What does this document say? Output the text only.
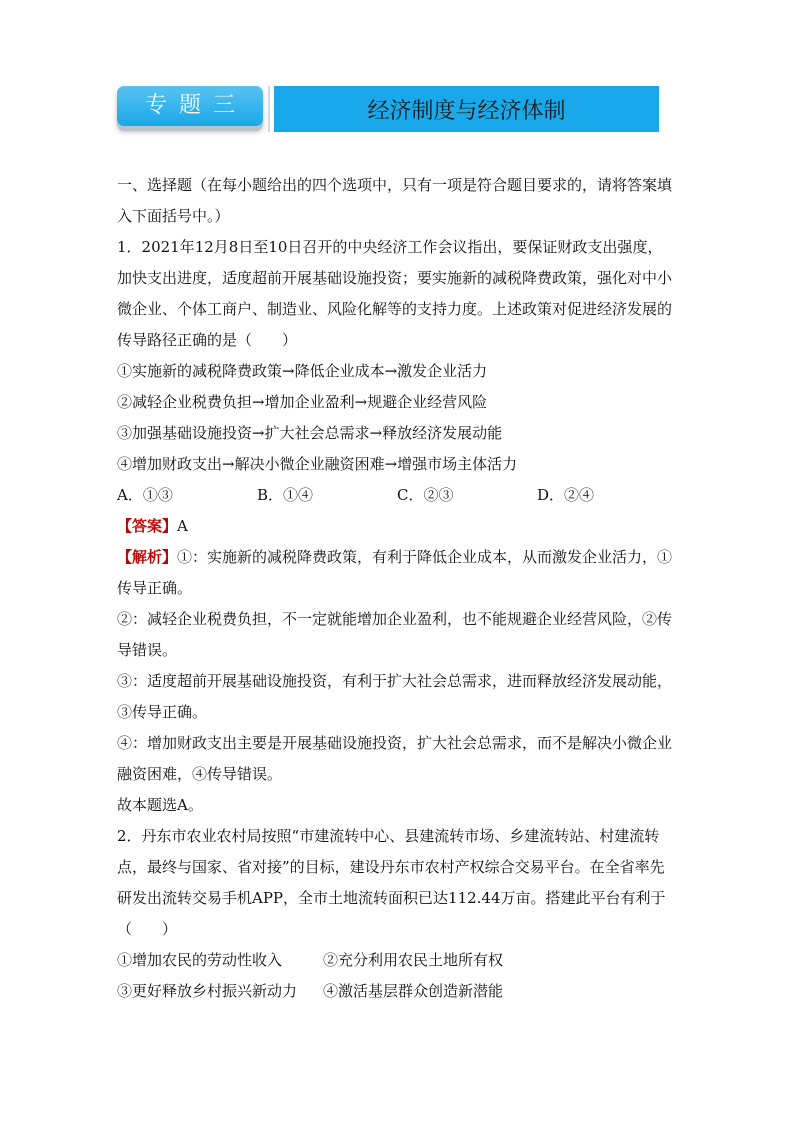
专题三	经济制度与经济体制

一、选择题（在每小题给出的四个选项中，只有一项是符合题目要求的，请将答案填入下面括号中。）

1．2021年12月8日至10日召开的中央经济工作会议指出，要保证财政支出强度，加快支出进度，适度超前开展基础设施投资；要实施新的减税降费政策，强化对中小微企业、个体工商户、制造业、风险化解等的支持力度。上述政策对促进经济发展的传导路径正确的是（　　）

①实施新的减税降费政策→降低企业成本→激发企业活力

②减轻企业税费负担→增加企业盈利→规避企业经营风险

③加强基础设施投资→扩大社会总需求→释放经济发展动能

④增加财政支出→解决小微企业融资困难→增强市场主体活力

A．①③	B．①④	C．②③	D．②④

【答案】A

【解析】①：实施新的减税降费政策，有利于降低企业成本，从而激发企业活力，①传导正确。

②：减轻企业税费负担，不一定就能增加企业盈利，也不能规避企业经营风险，②传导错误。

③：适度超前开展基础设施投资，有利于扩大社会总需求，进而释放经济发展动能，③传导正确。

④：增加财政支出主要是开展基础设施投资，扩大社会总需求，而不是解决小微企业融资困难，④传导错误。

故本题选A。

2．丹东市农业农村局按照“市建流转中心、县建流转市场、乡建流转站、村建流转点，最终与国家、省对接”的目标，建设丹东市农村产权综合交易平台。在全省率先研发出流转交易手机APP，全市土地流转面积已达112.44万亩。搭建此平台有利于（　　）

①增加农民的劳动性收入	②充分利用农民土地所有权
③更好释放乡村振兴新动力	④激活基层群众创造新潜能
